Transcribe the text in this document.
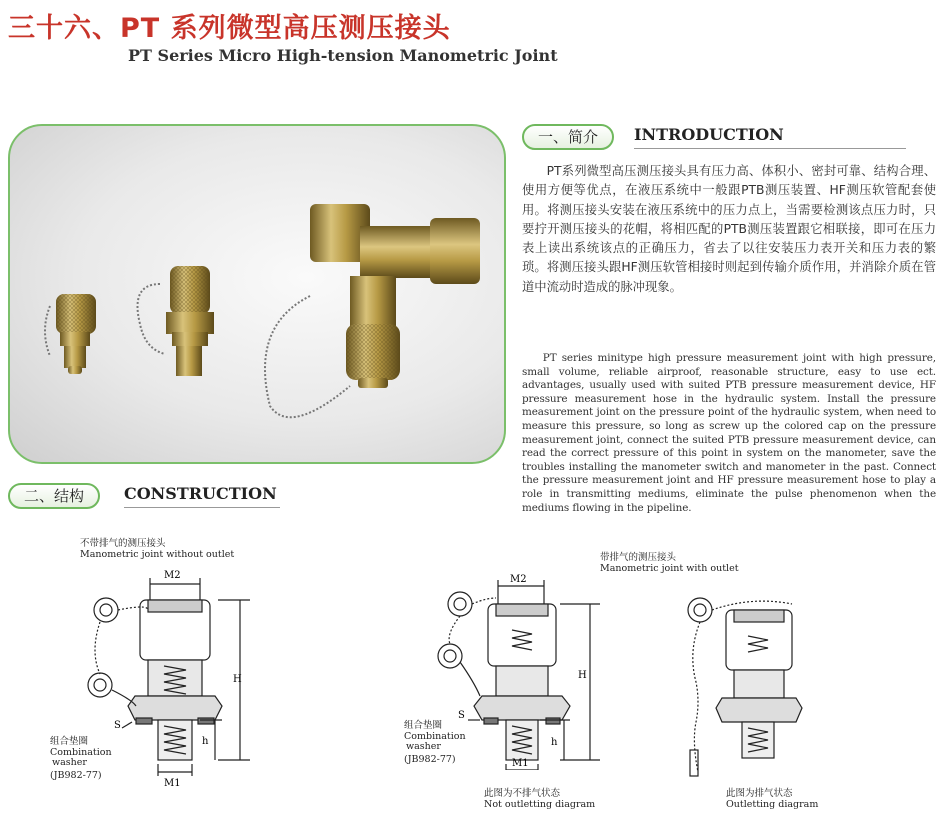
三十六、PT 系列微型高压测压接头
PT Series Micro High-tension Manometric Joint
一、简介	INTRODUCTION

PT系列微型高压测压接头具有压力高、体积小、密封可靠、结构合理、使用方便等优点，在液压系统中一般跟PTB测压装置、HF测压软管配套使用。将测压接头安装在液压系统中的压力点上，当需要检测该点压力时，只要拧开测压接头的花帽，将相匹配的PTB测压装置跟它相联接，即可在压力表上读出系统该点的正确压力，省去了以往安装压力表开关和压力表的繁琐。将测压接头跟HF测压软管相接时则起到传输介质作用，并消除介质在管道中流动时造成的脉冲现象。

PT series minitype high pressure measurement joint with high pressure, small volume, reliable airproof, reasonable structure, easy to use ect. advantages, usually used with suited PTB pressure measurement device, HF pressure measurement hose in the hydraulic system. Install the pressure measurement joint on the pressure point of the hydraulic system, when need to measure this pressure, so long as screw up the colored cap on the pressure measurement joint, connect the suited PTB pressure measurement device, can read the correct pressure of this point in system on the manometer, save the troubles installing the manometer switch and manometer in the past. Connect the pressure measurement joint and HF pressure measurement hose to play a role in transmitting mediums, eliminate the pulse phenomenon when the mediums flowing in the pipeline.

二、结构	CONSTRUCTION
不带排气的测压接头
Manometric joint without outlet
M2
H
h
M1
S
组合垫圈
Combination
washer
(JB982-77)
带排气的测压接头
Manometric joint with outlet
M2
H
h
M1
S
组合垫圈
Combination
washer
(JB982-77)
此图为不排气状态
Not outletting diagram
此图为排气状态
Outletting diagram
